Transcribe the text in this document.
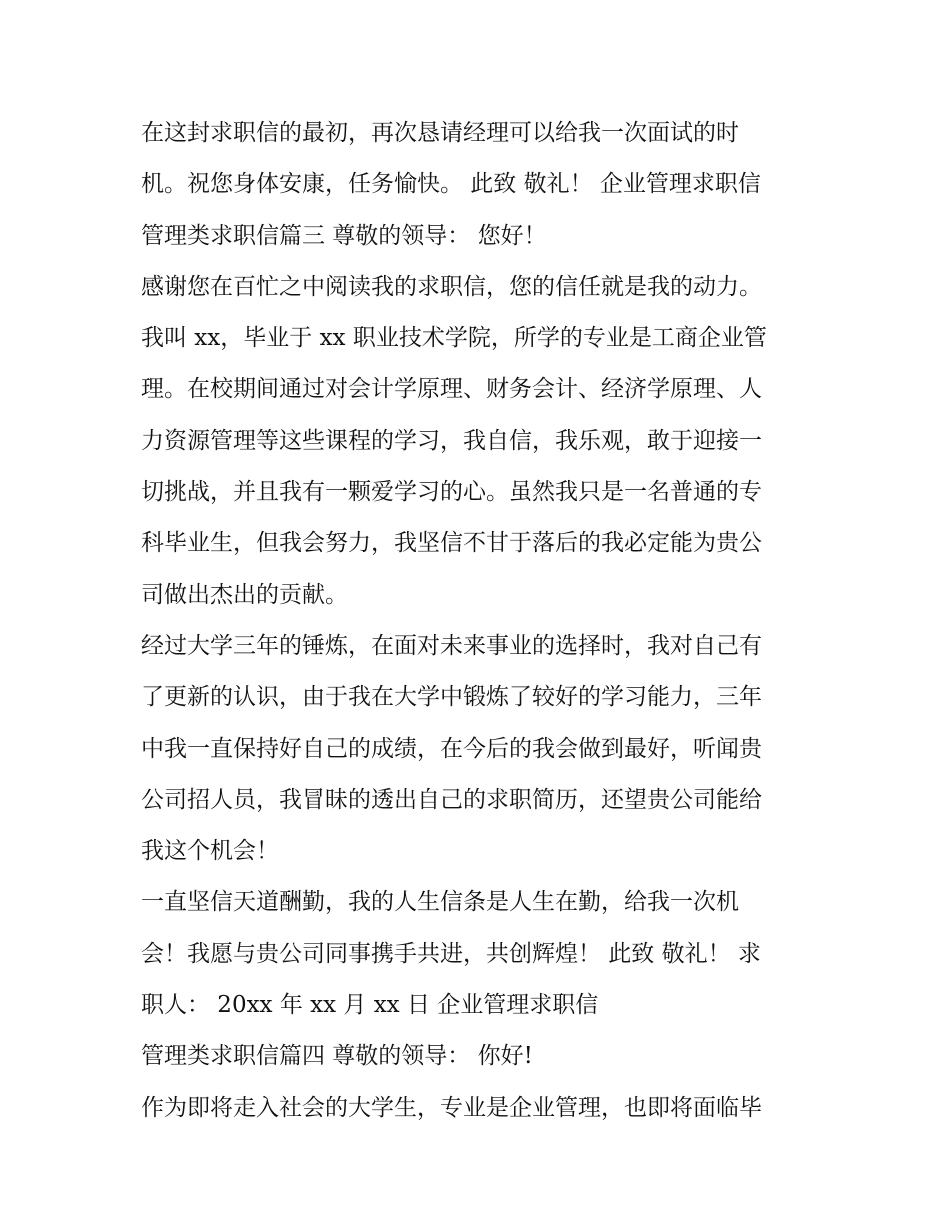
在这封求职信的最初，再次恳请经理可以给我一次面试的时
机。祝您身体安康，任务愉快。 此致 敬礼！ 企业管理求职信
管理类求职信篇三 尊敬的领导： 您好！
感谢您在百忙之中阅读我的求职信，您的信任就是我的动力。
我叫 xx，毕业于 xx 职业技术学院，所学的专业是工商企业管
理。在校期间通过对会计学原理、财务会计、经济学原理、人
力资源管理等这些课程的学习，我自信，我乐观，敢于迎接一
切挑战，并且我有一颗爱学习的心。虽然我只是一名普通的专
科毕业生，但我会努力，我坚信不甘于落后的我必定能为贵公
司做出杰出的贡献。
经过大学三年的锤炼，在面对未来事业的选择时，我对自己有
了更新的认识，由于我在大学中锻炼了较好的学习能力，三年
中我一直保持好自己的成绩，在今后的我会做到最好，听闻贵
公司招人员，我冒昧的透出自己的求职简历，还望贵公司能给
我这个机会！
一直坚信天道酬勤，我的人生信条是人生在勤，给我一次机
会！我愿与贵公司同事携手共进，共创辉煌！ 此致 敬礼！ 求
职人： 20xx 年 xx 月 xx 日 企业管理求职信
管理类求职信篇四 尊敬的领导： 你好!
作为即将走入社会的大学生，专业是企业管理，也即将面临毕
